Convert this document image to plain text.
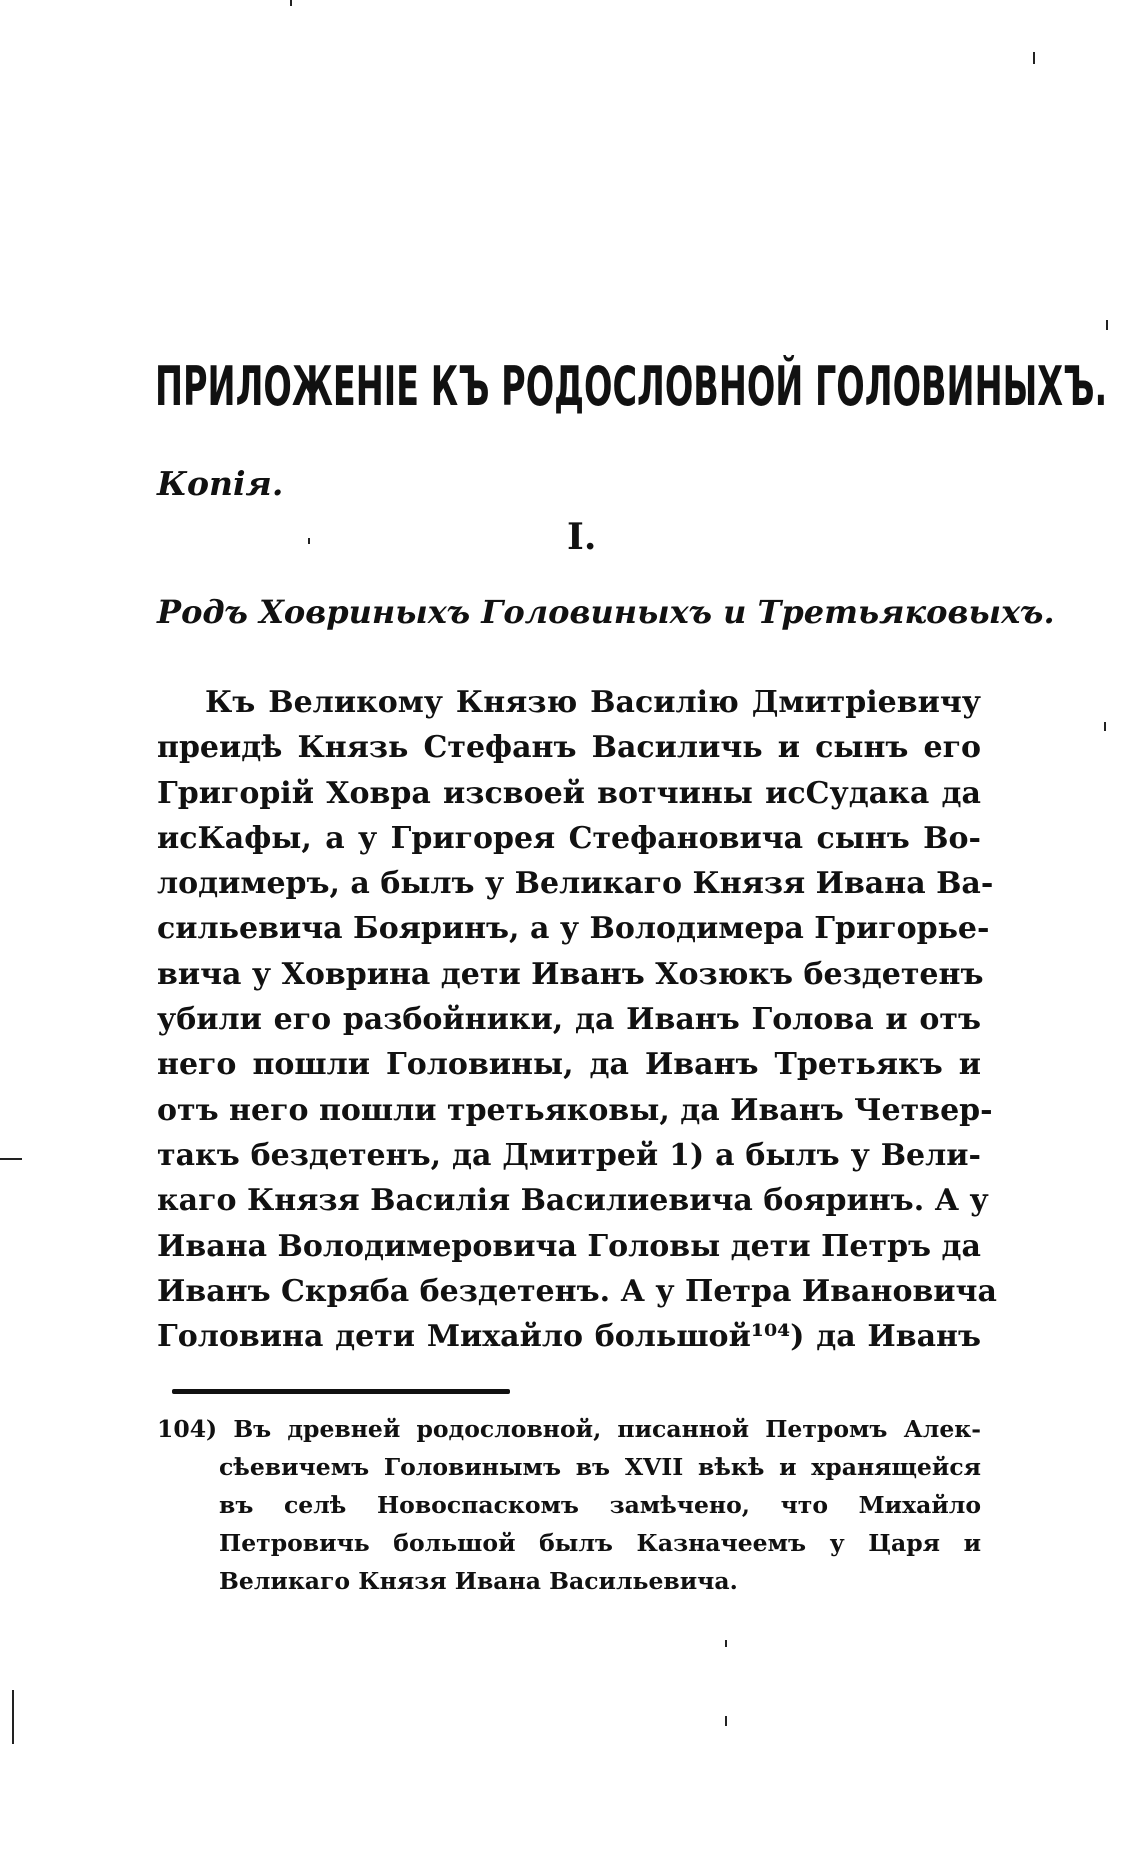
ПРИЛОЖЕНІЕ КЪ РОДОСЛОВНОЙ ГОЛОВИНЫХЪ.
Копія.
I.
Родъ Ховриныхъ Головиныхъ и Третьяковыхъ.
Къ Великому Князю Василію Дмитріевичу
преидѣ Князь Стефанъ Василичь и сынъ его
Григорій Ховра изсвоей вотчины исСудака да
исКафы, а у Григорея Стефановича сынъ Во-
лодимеръ, а былъ у Великаго Князя Ивана Ва-
сильевича Бояринъ, а у Володимера Григорье-
вича у Ховрина дети Иванъ Хозюкъ бездетенъ
убили его разбойники, да Иванъ Голова и отъ
него пошли Головины, да Иванъ Третьякъ и
отъ него пошли третьяковы, да Иванъ Четвер-
такъ бездетенъ, да Дмитрей 1) а былъ у Вели-
каго Князя Василія Василиевича бояринъ. А у
Ивана Володимеровича Головы дети Петръ да
Иванъ Скряба бездетенъ. А у Петра Ивановича
Головина дети Михайло большой¹⁰⁴) да Иванъ
104) Въ древней родословной, писанной Петромъ Алек-
сѣевичемъ Головинымъ въ XVII вѣкѣ и хранящейся
въ селѣ Новоспаскомъ замѣчено, что Михайло
Петровичь большой былъ Казначеемъ у Царя и
Великаго Князя Ивана Васильевича.
